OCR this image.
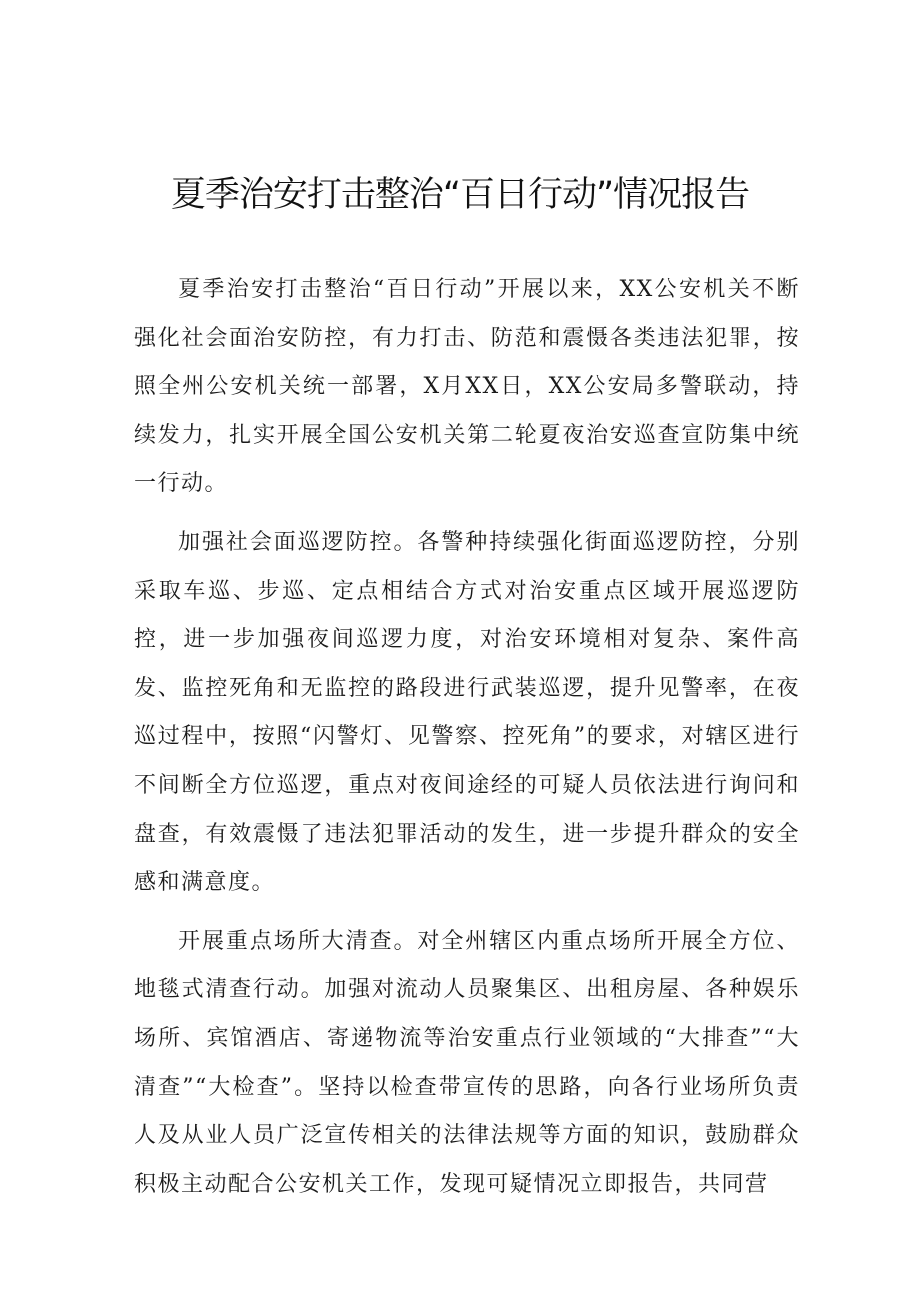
夏季治安打击整治“百日行动”情况报告

夏季治安打击整治“百日行动”开展以来，XX公安机关不断强化社会面治安防控，有力打击、防范和震慑各类违法犯罪，按照全州公安机关统一部署，X月XX日，XX公安局多警联动，持续发力，扎实开展全国公安机关第二轮夏夜治安巡查宣防集中统一行动。

加强社会面巡逻防控。各警种持续强化街面巡逻防控，分别采取车巡、步巡、定点相结合方式对治安重点区域开展巡逻防控，进一步加强夜间巡逻力度，对治安环境相对复杂、案件高发、监控死角和无监控的路段进行武装巡逻，提升见警率，在夜巡过程中，按照“闪警灯、见警察、控死角”的要求，对辖区进行不间断全方位巡逻，重点对夜间途经的可疑人员依法进行询问和盘查，有效震慑了违法犯罪活动的发生，进一步提升群众的安全感和满意度。

开展重点场所大清查。对全州辖区内重点场所开展全方位、地毯式清查行动。加强对流动人员聚集区、出租房屋、各种娱乐场所、宾馆酒店、寄递物流等治安重点行业领域的“大排查”“大清查”“大检查”。坚持以检查带宣传的思路，向各行业场所负责人及从业人员广泛宣传相关的法律法规等方面的知识，鼓励群众积极主动配合公安机关工作，发现可疑情况立即报告，共同营
